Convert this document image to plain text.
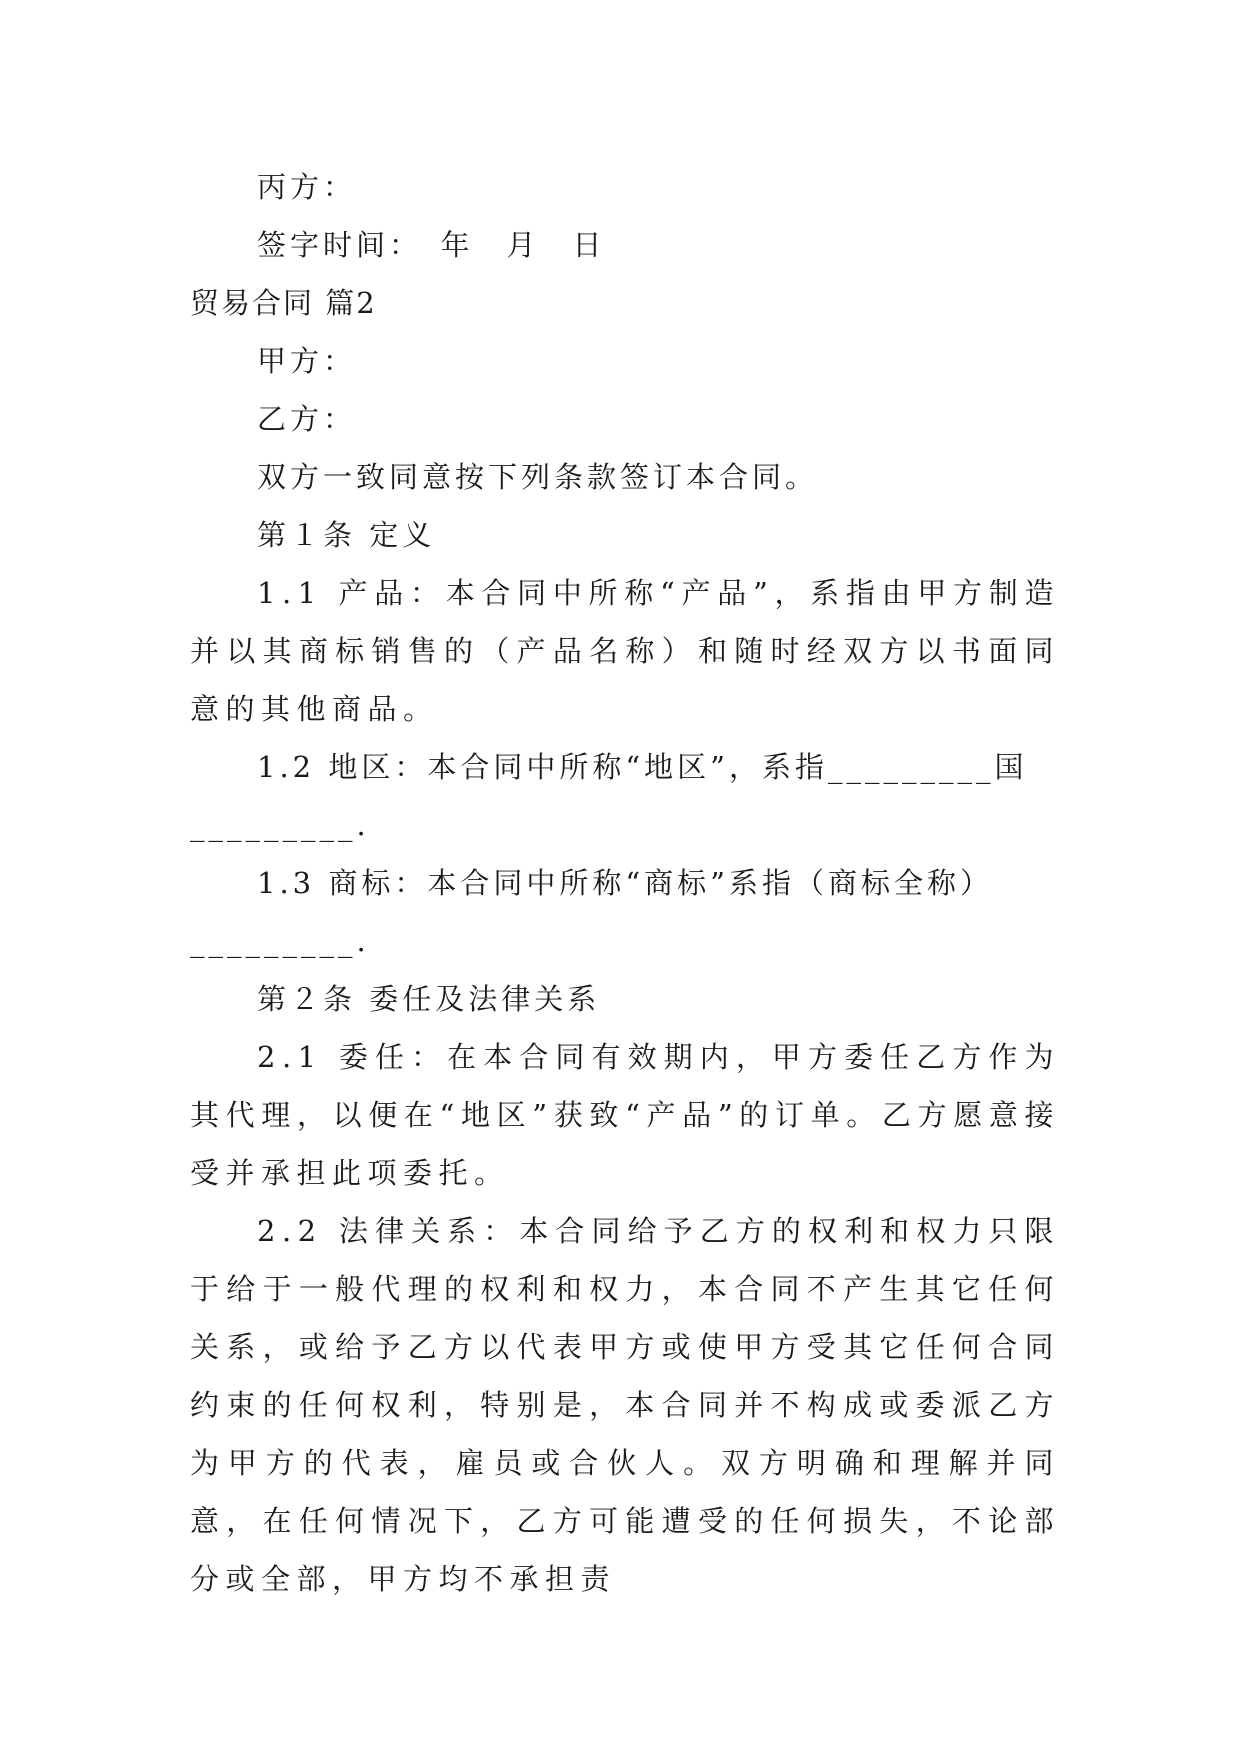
丙方：
签字时间：　年　月　日
贸易合同 篇2
甲方：
乙方：
双方一致同意按下列条款签订本合同。
第１条 定义

1.1 产品：本合同中所称“产品”，系指由甲方制造并以其商标销售的（产品名称）和随时经双方以书面同意的其他商品。

1.2 地区：本合同中所称“地区”，系指_________国
_________.
1.3 商标：本合同中所称“商标”系指（商标全称）
_________.
第２条 委任及法律关系

2.1 委任：在本合同有效期内，甲方委任乙方作为其代理，以便在“地区”获致“产品”的订单。乙方愿意接受并承担此项委托。

2.2 法律关系：本合同给予乙方的权利和权力只限于给于一般代理的权利和权力，本合同不产生其它任何关系，或给予乙方以代表甲方或使甲方受其它任何合同约束的任何权利，特别是，本合同并不构成或委派乙方为甲方的代表，雇员或合伙人。双方明确和理解并同意，在任何情况下，乙方可能遭受的任何损失，不论部分或全部，甲方均不承担责
